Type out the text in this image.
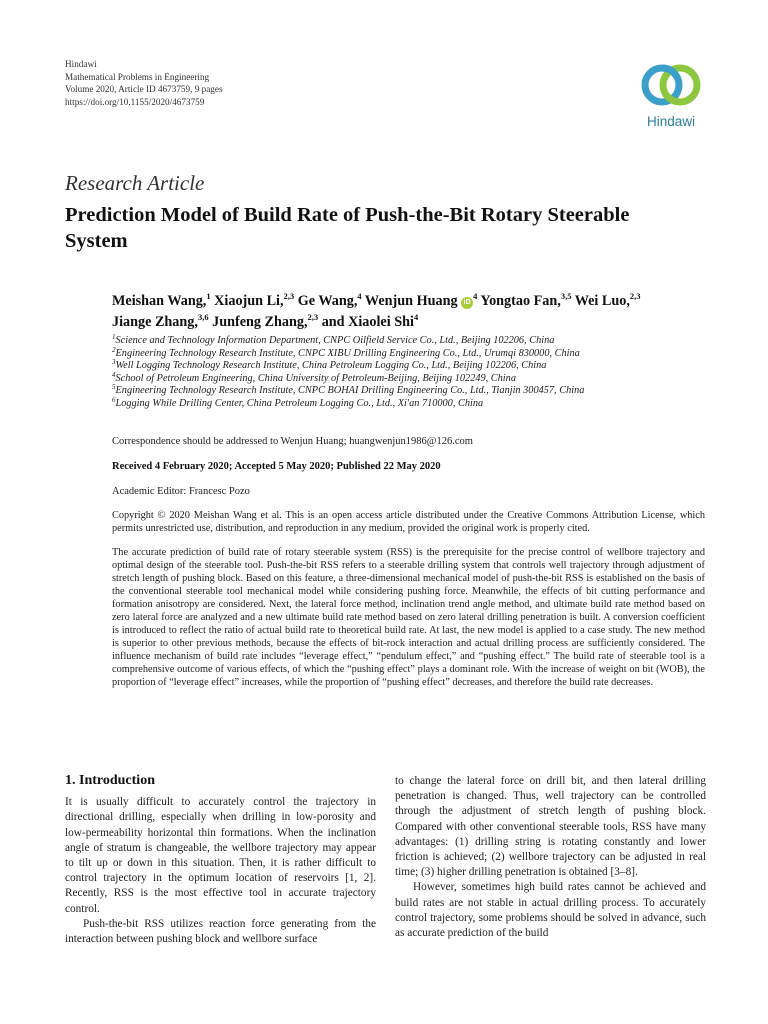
Hindawi
Mathematical Problems in Engineering
Volume 2020, Article ID 4673759, 9 pages
https://doi.org/10.1155/2020/4673759
Hindawi
Research Article
Prediction Model of Build Rate of Push-the-Bit Rotary Steerable System
Meishan Wang,$^1$ Xiaojun Li,$^{2,3}$ Ge Wang,$^4$ Wenjun Huang $iD^4$ Yongtao Fan,$^{3,5}$ Wei Luo,$^{2,3}$
Jiange Zhang,$^{3,6}$ Junfeng Zhang,$^{2,3}$ and Xiaolei Shi$^4$
$^1$Science and Technology Information Department, CNPC Oilfield Service Co., Ltd., Beijing 102206, China
$^2$Engineering Technology Research Institute, CNPC XIBU Drilling Engineering Co., Ltd., Urumqi 830000, China
$^3$Well Logging Technology Research Institute, China Petroleum Logging Co., Ltd., Beijing 102206, China
$^4$School of Petroleum Engineering, China University of Petroleum-Beijing, Beijing 102249, China
$^5$Engineering Technology Research Institute, CNPC BOHAI Drilling Engineering Co., Ltd., Tianjin 300457, China
$^6$Logging While Drilling Center, China Petroleum Logging Co., Ltd., Xi'an 710000, China
Correspondence should be addressed to Wenjun Huang; huangwenjun1986@126.com
Received 4 February 2020; Accepted 5 May 2020; Published 22 May 2020
Academic Editor: Francesc Pozo
Copyright © 2020 Meishan Wang et al. This is an open access article distributed under the Creative Commons Attribution License, which permits unrestricted use, distribution, and reproduction in any medium, provided the original work is properly cited.
The accurate prediction of build rate of rotary steerable system (RSS) is the prerequisite for the precise control of wellbore trajectory and optimal design of the steerable tool. Push-the-bit RSS refers to a steerable drilling system that controls well trajectory through adjustment of stretch length of pushing block. Based on this feature, a three-dimensional mechanical model of push-the-bit RSS is established on the basis of the conventional steerable tool mechanical model while considering pushing force. Meanwhile, the effects of bit cutting performance and formation anisotropy are considered. Next, the lateral force method, inclination trend angle method, and ultimate build rate method based on zero lateral force are analyzed and a new ultimate build rate method based on zero lateral drilling penetration is built. A conversion coefficient is introduced to reflect the ratio of actual build rate to theoretical build rate. At last, the new model is applied to a case study. The new method is superior to other previous methods, because the effects of bit-rock interaction and actual drilling process are sufficiently considered. The influence mechanism of build rate includes “leverage effect,” “pendulum effect,” and “pushing effect.” The build rate of steerable tool is a comprehensive outcome of various effects, of which the “pushing effect” plays a dominant role. With the increase of weight on bit (WOB), the proportion of “leverage effect” increases, while the proportion of “pushing effect” decreases, and therefore the build rate decreases.

1. Introduction

It is usually difficult to accurately control the trajectory in directional drilling, especially when drilling in low-porosity and low-permeability horizontal thin formations. When the inclination angle of stratum is changeable, the wellbore trajectory may appear to tilt up or down in this situation. Then, it is rather difficult to control trajectory in the optimum location of reservoirs [1, 2]. Recently, RSS is the most effective tool in accurate trajectory control.

Push-the-bit RSS utilizes reaction force generating from the interaction between pushing block and wellbore surface

to change the lateral force on drill bit, and then lateral drilling penetration is changed. Thus, well trajectory can be controlled through the adjustment of stretch length of pushing block. Compared with other conventional steerable tools, RSS have many advantages: (1) drilling string is rotating constantly and lower friction is achieved; (2) wellbore trajectory can be adjusted in real time; (3) higher drilling penetration is obtained [3–8].

However, sometimes high build rates cannot be achieved and build rates are not stable in actual drilling process. To accurately control trajectory, some problems should be solved in advance, such as accurate prediction of the build
